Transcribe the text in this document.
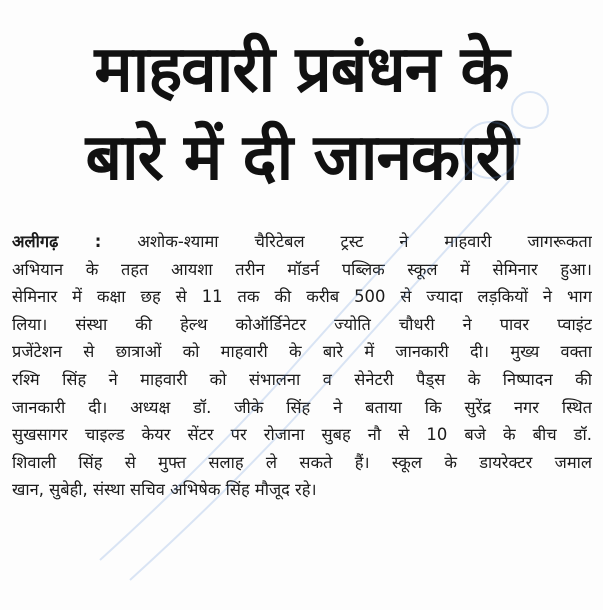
माहवारी प्रबंधन के
बारे में दी जानकारी
अलीगढ़ : अशोक-श्यामा चैरिटेबल ट्रस्ट ने माहवारी जागरूकता
अभियान के तहत आयशा तरीन मॉडर्न पब्लिक स्कूल में सेमिनार हुआ।
सेमिनार में कक्षा छह से 11 तक की करीब 500 से ज्यादा लड़कियों ने भाग
लिया। संस्था की हेल्थ कोऑर्डिनेटर ज्योति चौधरी ने पावर प्वाइंट
प्रजेंटेशन से छात्राओं को माहवारी के बारे में जानकारी दी। मुख्य वक्ता
रश्मि सिंह ने माहवारी को संभालना व सेनेटरी पैड्स के निष्पादन की
जानकारी दी। अध्यक्ष डॉ. जीके सिंह ने बताया कि सुरेंद्र नगर स्थित
सुखसागर चाइल्ड केयर सेंटर पर रोजाना सुबह नौ से 10 बजे के बीच डॉ.
शिवाली सिंह से मुफ्त सलाह ले सकते हैं। स्कूल के डायरेक्टर जमाल
खान, सुबेही, संस्था सचिव अभिषेक सिंह मौजूद रहे।
